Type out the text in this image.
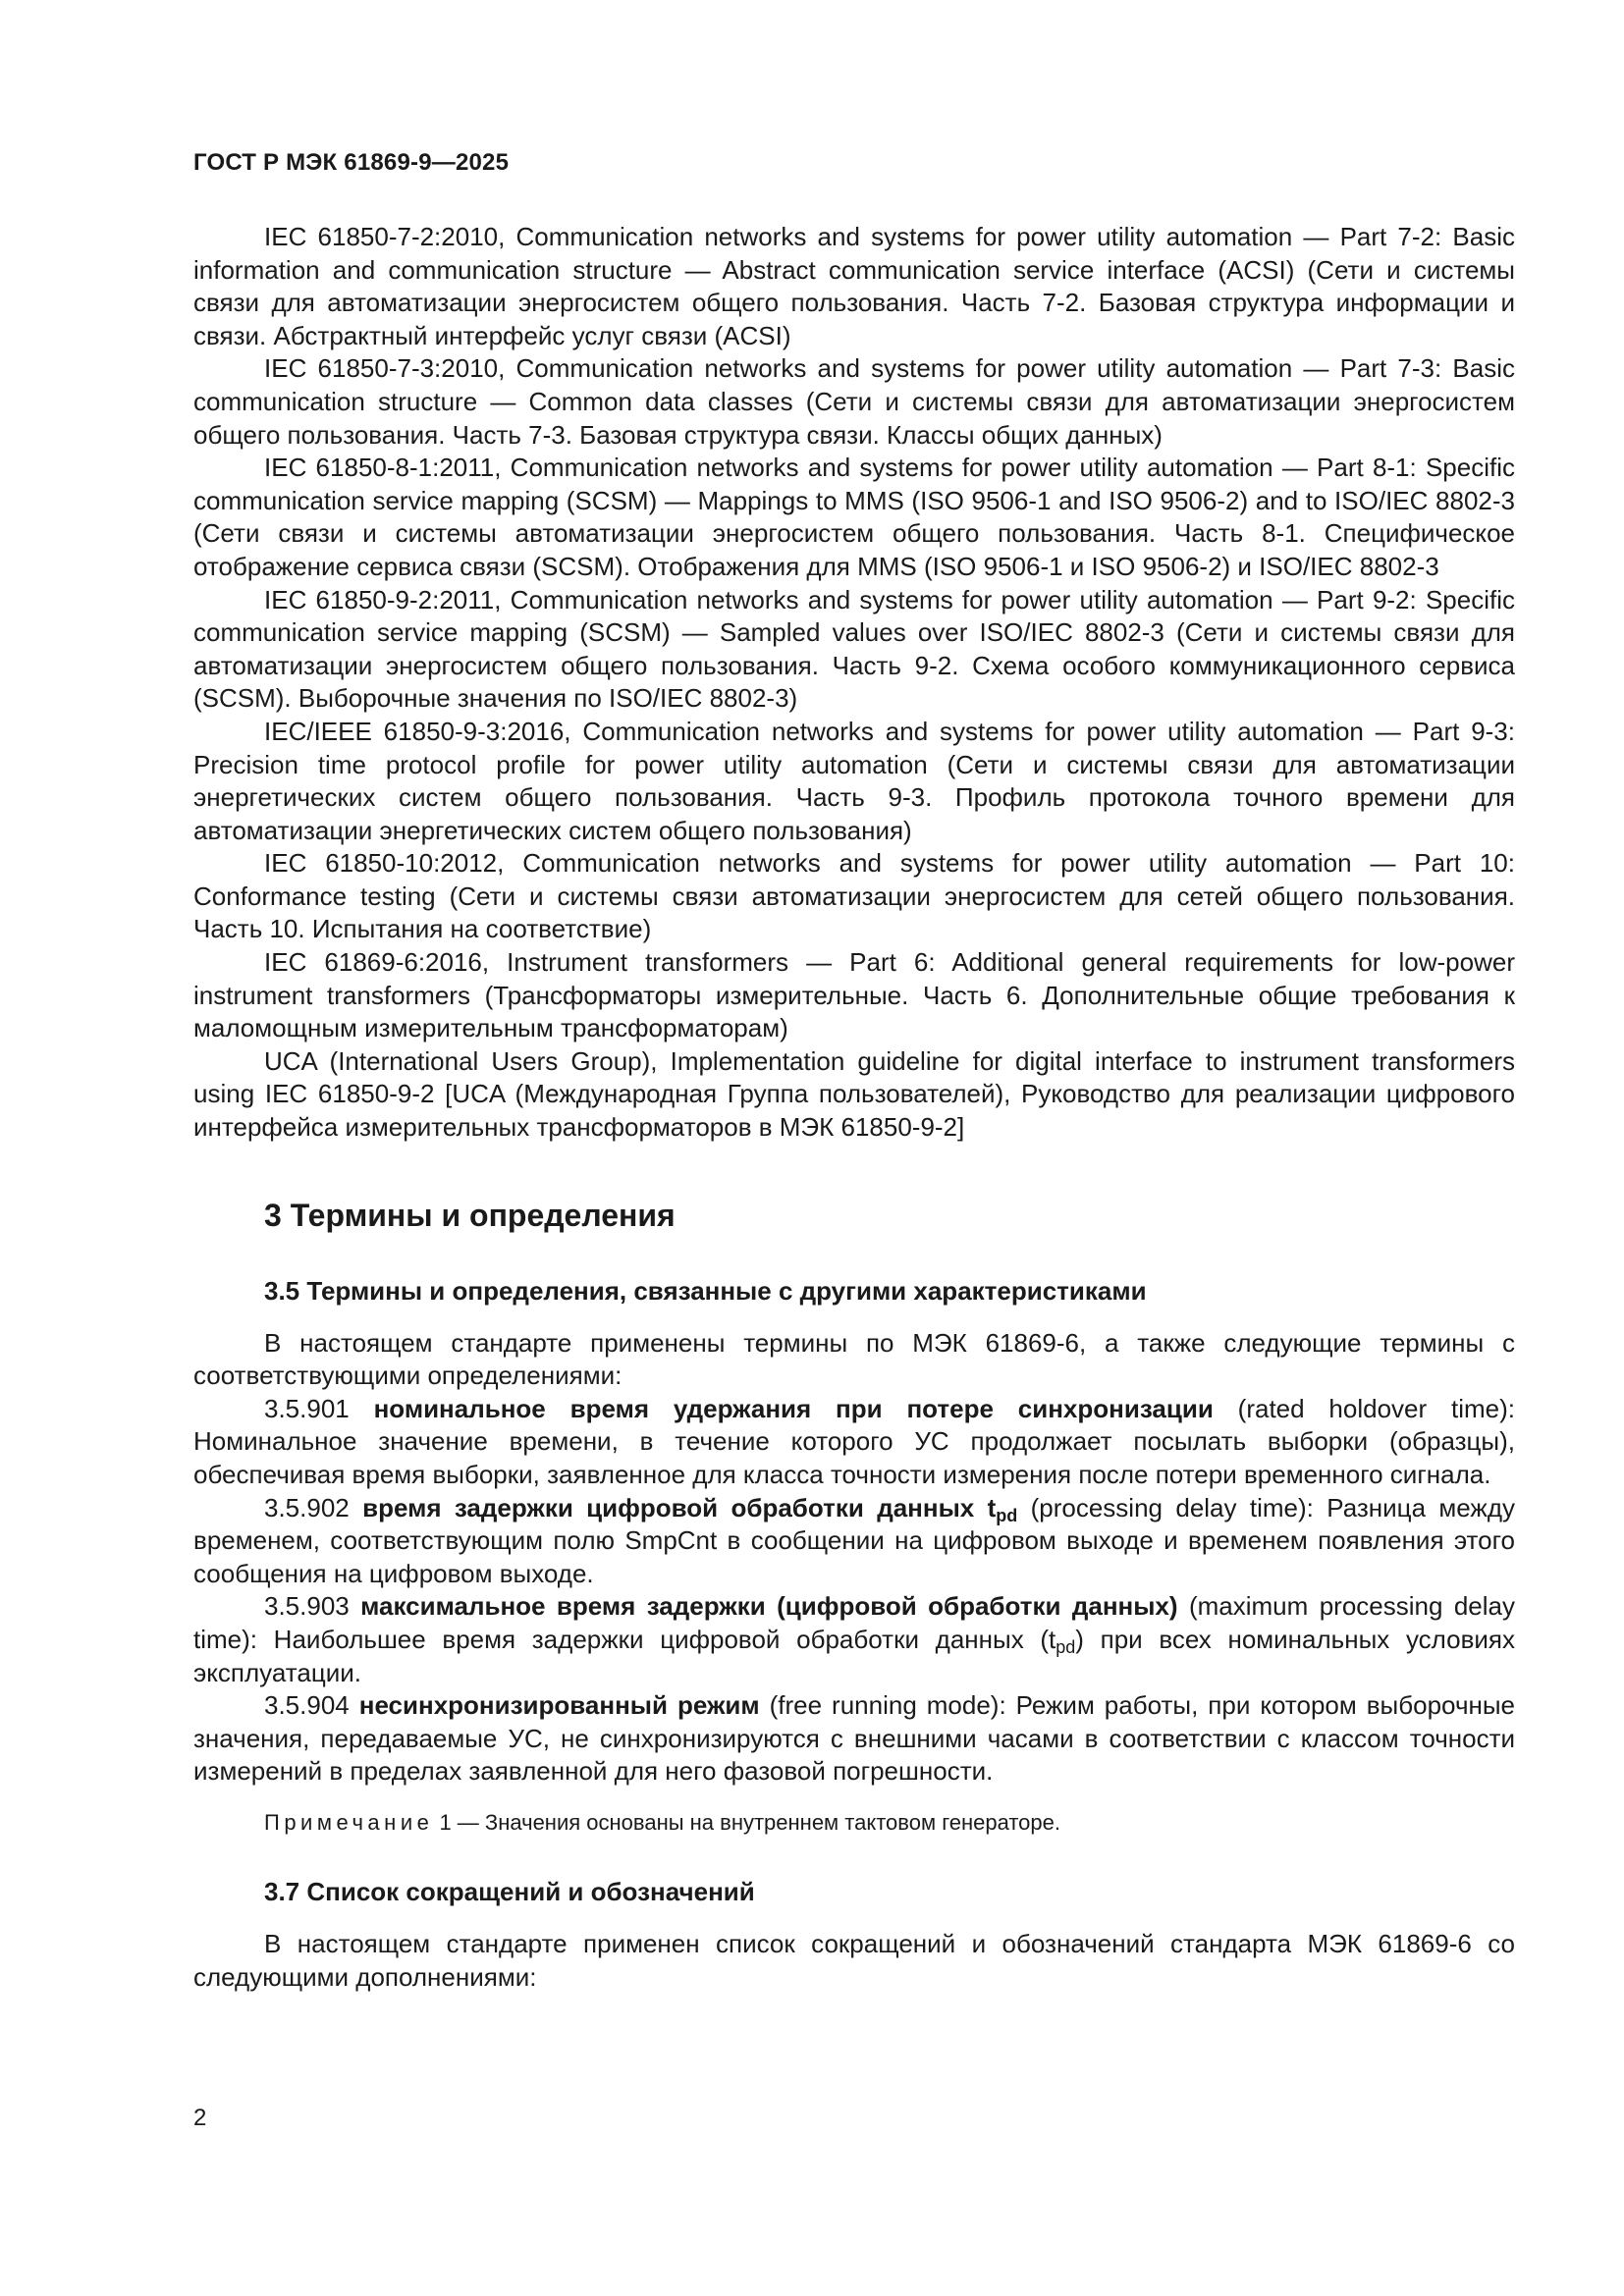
ГОСТ Р МЭК 61869-9—2025

IEC 61850-7-2:2010, Communication networks and systems for power utility automation — Part 7-2: Basic information and communication structure — Abstract communication service interface (ACSI) (Сети и системы связи для автоматизации энергосистем общего пользования. Часть 7-2. Базовая структура информации и связи. Абстрактный интерфейс услуг связи (ACSI)

IEC 61850-7-3:2010, Communication networks and systems for power utility automation — Part 7-3: Basic communication structure — Common data classes (Сети и системы связи для автоматизации энергосистем общего пользования. Часть 7-3. Базовая структура связи. Классы общих данных)

IEC 61850-8-1:2011, Communication networks and systems for power utility automation — Part 8-1: Specific communication service mapping (SCSM) — Mappings to MMS (ISO 9506-1 and ISO 9506-2) and to ISO/IEC 8802-3 (Сети связи и системы автоматизации энергосистем общего пользования. Часть 8-1. Специфическое отображение сервиса связи (SCSM). Отображения для MMS (ISO 9506-1 и ISO 9506-2) и ISO/IEC 8802-3

IEC 61850-9-2:2011, Communication networks and systems for power utility automation — Part 9-2: Specific communication service mapping (SCSM) — Sampled values over ISO/IEC 8802-3 (Сети и системы связи для автоматизации энергосистем общего пользования. Часть 9-2. Схема особого коммуникационного сервиса (SCSM). Выборочные значения по ISO/IEC 8802-3)

IEC/IEEE 61850-9-3:2016, Communication networks and systems for power utility automation — Part 9-3: Precision time protocol profile for power utility automation (Сети и системы связи для автоматизации энергетических систем общего пользования. Часть 9-3. Профиль протокола точного времени для автоматизации энергетических систем общего пользования)

IEC 61850-10:2012, Communication networks and systems for power utility automation — Part 10: Conformance testing (Сети и системы связи автоматизации энергосистем для сетей общего пользования. Часть 10. Испытания на соответствие)

IEC 61869-6:2016, Instrument transformers — Part 6: Additional general requirements for low-power instrument transformers (Трансформаторы измерительные. Часть 6. Дополнительные общие требования к маломощным измерительным трансформаторам)

UCA (International Users Group), Implementation guideline for digital interface to instrument transformers using IEC 61850-9-2 [UCA (Международная Группа пользователей), Руководство для реализации цифрового интерфейса измерительных трансформаторов в МЭК 61850-9-2]

3 Термины и определения
3.5 Термины и определения, связанные с другими характеристиками

В настоящем стандарте применены термины по МЭК 61869-6, а также следующие термины с соответствующими определениями:

3.5.901 номинальное время удержания при потере синхронизации (rated holdover time): Номинальное значение времени, в течение которого УС продолжает посылать выборки (образцы), обеспечивая время выборки, заявленное для класса точности измерения после потери временного сигнала.

3.5.902 время задержки цифровой обработки данных $t_{pd}$ (processing delay time): Разница между временем, соответствующим полю SmpCnt в сообщении на цифровом выходе и временем появления этого сообщения на цифровом выходе.

3.5.903 максимальное время задержки (цифровой обработки данных) (maximum processing delay time): Наибольшее время задержки цифровой обработки данных $(t_{pd})$ при всех номинальных условиях эксплуатации.

3.5.904 несинхронизированный режим (free running mode): Режим работы, при котором выборочные значения, передаваемые УС, не синхронизируются с внешними часами в соответствии с классом точности измерений в пределах заявленной для него фазовой погрешности.

Примечание 1 — Значения основаны на внутреннем тактовом генераторе.

3.7 Список сокращений и обозначений

В настоящем стандарте применен список сокращений и обозначений стандарта МЭК 61869-6 со следующими дополнениями:

2
